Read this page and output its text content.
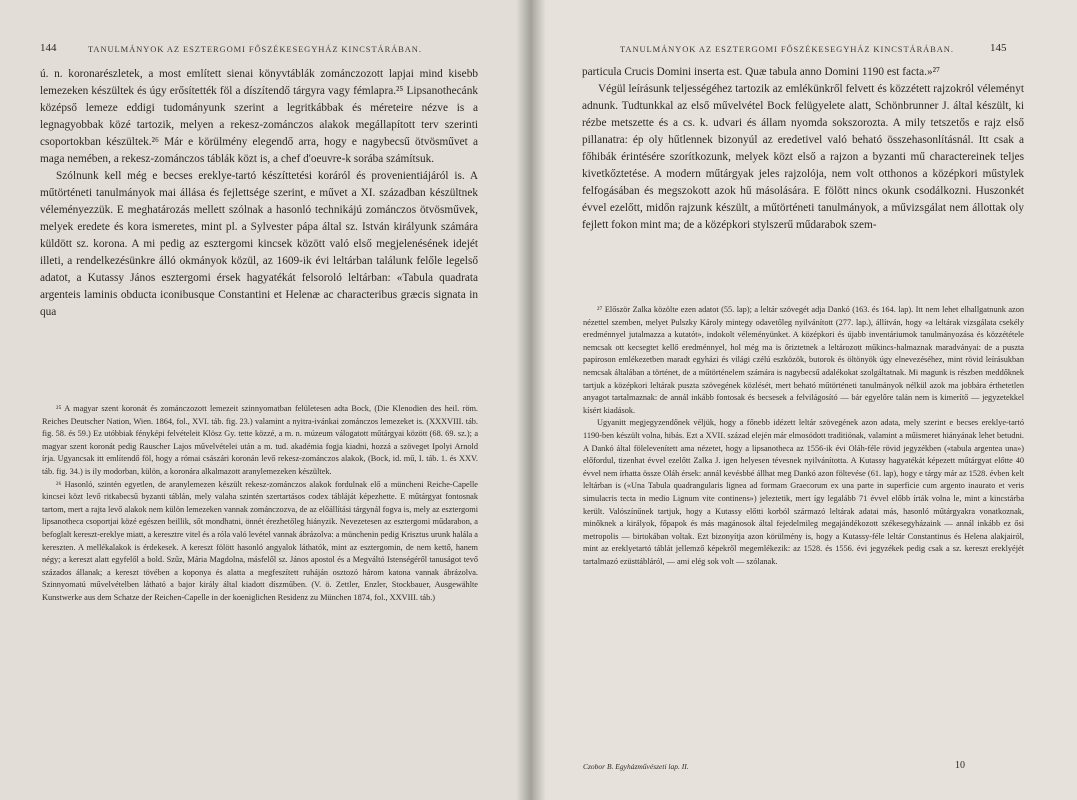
144	TANULMÁNYOK AZ ESZTERGOMI FŐSZÉKESEGYHÁZ KINCSTÁRÁBAN.

ú. n. koronarészletek, a most említett sienai könyvtáblák zománczozott lapjai mind kisebb lemezeken készültek és úgy erősítették föl a díszítendő tárgyra vagy fémlapra.²⁵ Lipsanothecánk középső lemeze eddigi tudományunk szerint a legritkábbak és méreteire nézve is a legnagyobbak közé tartozik, melyen a rekesz-zománczos alakok megállapított terv szerinti csoportokban készültek.²⁶ Már e körülmény elegendő arra, hogy e nagybecsű ötvösművet a maga nemében, a rekesz-zománczos táblák közt is, a chef d'oeuvre-k sorába számítsuk.

Szólnunk kell még e becses ereklye-tartó készíttetési koráról és provenientiájáról is. A műtörténeti tanulmányok mai állása és fejlettsége szerint, e művet a XI. században készültnek véleményezzük. E meghatározás mellett szólnak a hasonló technikájú zománczos ötvösművek, melyek eredete és kora ismeretes, mint pl. a Sylvester pápa által sz. István királyunk számára küldött sz. korona. A mi pedig az esztergomi kincsek között való első megjelenésének idejét illeti, a rendelkezésünkre álló okmányok közül, az 1609-ik évi leltárban találunk felőle legelső adatot, a Kutassy János esztergomi érsek hagyatékát felsoroló leltárban: «Tabula quadrata argenteis laminis obducta iconibusque Constantini et Helenæ ac characteribus græcis signata in qua

²⁵ A magyar szent koronát és zománczozott lemezeit szinnyomatban felületesen adta Bock, (Die Klenodien des heil. röm. Reiches Deutscher Nation, Wien. 1864, fol., XVI. táb. fig. 23.) valamint a nyitra-ivánkai zománczos lemezeket is. (XXXVIII. táb. fig. 58. és 59.) Ez utóbbiak fényképi felvételeit Klösz Gy. tette közzé, a m. n. múzeum válogatott műtárgyai között (68. 69. sz.); a magyar szent koronát pedig Rauscher Lajos művelvételei után a m. tud. akadémia fogja kiadni, hozzá a szöveget Ipolyi Arnold írja. Ugyancsak itt említendő föl, hogy a római császári koronán levő rekesz-zománczos alakok, (Bock, id. mű, I. táb. 1. és XXV. táb. fig. 34.) is ily modorban, külön, a koronára alkalmazott aranylemezeken készültek.

²⁶ Hasonló, szintén egyetlen, de aranylemezen készült rekesz-zománczos alakok fordulnak elő a müncheni Reiche-Capelle kincsei közt levő ritkabecsű byzanti táblán, mely valaha szintén szertartásos codex tábláját képezhette. E műtárgyat fontosnak tartom, mert a rajta levő alakok nem külön lemezeken vannak zománczozva, de az előállítási tárgynál fogva is, mely az esztergomi lipsanotheca csoportjai közé egészen beillik, sőt mondhatni, önnét érezhetőleg hiányzik. Nevezetesen az esztergomi műdarabon, a befoglalt kereszt-ereklye miatt, a keresztre vitel és a róla való levétel vannak ábrázolva: a münchenin pedig Krisztus urunk halála a kereszten. A mellékalakok is érdekesek. A kereszt fölött hasonló angyalok láthatók, mint az esztergomin, de nem kettő, hanem négy; a kereszt alatt egyfelől a bold. Szűz, Mária Magdolna, másfelől sz. János apostol és a Megváltó Istenségéről tanuságot tevő százados állanak; a kereszt tövében a koponya és alatta a megfeszített ruháján osztozó három katona vannak ábrázolva. Szinnyomatú művelvételben látható a bajor király által kiadott díszműben. (V. ö. Zettler, Enzler, Stockbauer, Ausgewählte Kunstwerke aus dem Schatze der Reichen-Capelle in der koeniglichen Residenz zu München 1874, fol., XXVIII. táb.)

TANULMÁNYOK AZ ESZTERGOMI FŐSZÉKESEGYHÁZ KINCSTÁRÁBAN.	145

particula Crucis Domini inserta est. Quæ tabula anno Domini 1190 est facta.»²⁷

Végül leírásunk teljességéhez tartozik az emlékünkről felvett és közzétett rajzokról véleményt adnunk. Tudtunkkal az első művelvétel Bock felügyelete alatt, Schönbrunner J. által készült, ki rézbe metszette és a cs. k. udvari és állam nyomda sokszorozta. A mily tetszetős e rajz első pillanatra: ép oly hűtlennek bizonyúl az eredetivel való beható összehasonlításnál. Itt csak a főhibák érintésére szorítkozunk, melyek közt első a rajzon a byzanti mű charactereinek teljes kivetkőztetése. A modern műtárgyak jeles rajzolója, nem volt otthonos a középkori műstylek felfogásában és megszokott azok hű másolására. E fölött nincs okunk csodálkozni. Huszonkét évvel ezelőtt, midőn rajzunk készült, a műtörténeti tanulmányok, a művizsgálat nem állottak oly fejlett fokon mint ma; de a középkori stylszerű műdarabok szem-

²⁷ Először Zalka közölte ezen adatot (55. lap); a leltár szövegét adja Dankó (163. és 164. lap). Itt nem lehet elhallgatnunk azon nézettel szemben, melyet Pulszky Károly mintegy odavetőleg nyilvánított (277. lap.), állítván, hogy «a leltárak vizsgálata csekély eredménnyel jutalmazza a kutatót», indokolt véleményünket. A középkori és újabb inventáriumok tanulmányozása és közzététele nemcsak ott kecsegtet kellő eredménnyel, hol még ma is őriztetnek a leltározott műkincs-halmaznak maradványai: de a puszta papiroson emlékezetben maradt egyházi és világi czélú eszközök, butorok és öltönyök úgy elnevezéséhez, mint rövid leírásukban nemcsak általában a történet, de a műtörténelem számára is nagybecsű adalékokat szolgáltatnak. Mi magunk is részben meddőknek tartjuk a középkori leltárak puszta szövegének közlését, mert beható műtörténeti tanulmányok nélkül azok ma jobbára érthetetlen anyagot tartalmaznak: de annál inkább fontosak és becsesek a felvilágosító — bár egyelőre talán nem is kimerítő — jegyzetekkel kísért kiadások.

Ugyanitt megjegyzendőnek véljük, hogy a főnebb idézett leltár szövegének azon adata, mely szerint e becses ereklye-tartó 1190-ben készült volna, hibás. Ezt a XVII. század elején már elmosódott traditiónak, valamint a műismeret hiányának lehet betudni. A Dankó által fölelevenített ama nézetet, hogy a lipsanotheca az 1556-ik évi Oláh-féle rövid jegyzékben («tabula argentea una») előfordul, tizenhat évvel ezelőtt Zalka J. igen helyesen tévesnek nyilvánította. A Kutassy hagyatékát képezett műtárgyat előtte 40 évvel nem írhatta össze Oláh érsek: annál kevésbbé állhat meg Dankó azon föltevése (61. lap), hogy e tárgy már az 1528. évben kelt leltárban is («Una Tabula quadrangularis lignea ad formam Graecorum ex una parte in superficie cum argento inaurato et veris simulacris tecta in medio Lignum vite continens») jeleztetik, mert így legalább 71 évvel előbb írták volna le, mint a kincstárba került. Valószínűnek tartjuk, hogy a Kutassy előtti korból származó leltárak adatai más, hasonló műtárgyakra vonatkoznak, minőknek a királyok, főpapok és más magánosok által fejedelmileg megajándékozott székesegyházaink — annál inkább ez ősi metropolis — birtokában voltak. Ezt bizonyítja azon körülmény is, hogy a Kutassy-féle leltár Constantinus és Helena alakjairól, mint az ereklyetartó táblát jellemző képekről megemlékezik: az 1528. és 1556. évi jegyzékek pedig csak a sz. kereszt ereklyéjét tartalmazó ezüsttábláról, — ami elég sok volt — szólanak.

Czobor B. Egyházművészeti lap. II.	10
